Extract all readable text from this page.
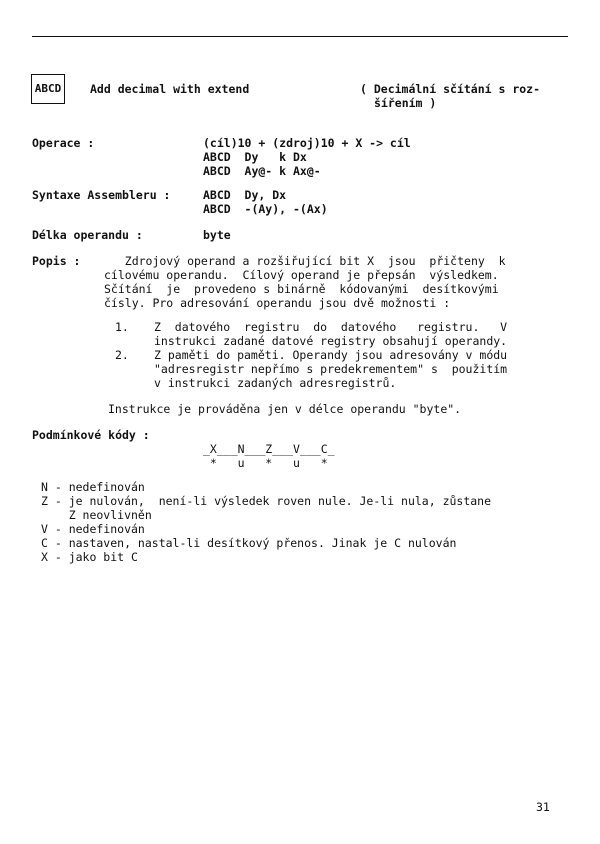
ABCD	Add decimal with extend	( Decimální sčítání s roz-
šířením )
Operace :	(cíl)10 + (zdroj)10 + X -> cíl
ABCD  Dy   k Dx
ABCD  Ay@- k Ax@-
Syntaxe Assembleru :	ABCD  Dy, Dx
ABCD  -(Ay), -(Ax)
Délka operandu :	byte
Popis : Zdrojový operand a rozšiřující bit X  jsou  přičteny  k
cílovému operandu.  Cílový operand je přepsán  výsledkem.
Sčítání  je  provedeno s binárně  kódovanými  desítkovými
čísly. Pro adresování operandu jsou dvě možnosti :
1. Z  datového  registru  do  datového   registru.   V
instrukci zadané datové registry obsahují operandy.
2. Z paměti do paměti. Operandy jsou adresovány v módu
"adresregistr nepřímo s predekrementem" s  použitím
v instrukci zadaných adresregistrů.
Instrukce je prováděna jen v délce operandu "byte".
Podmínkové kódy :
_X___N___Z___V___C_
*   u   *   u   *
N - nedefinován
Z - je nulován,  není-li výsledek roven nule. Je-li nula, zůstane
Z neovlivněn
V - nedefinován
C - nastaven, nastal-li desítkový přenos. Jinak je C nulován
X - jako bit C
31
